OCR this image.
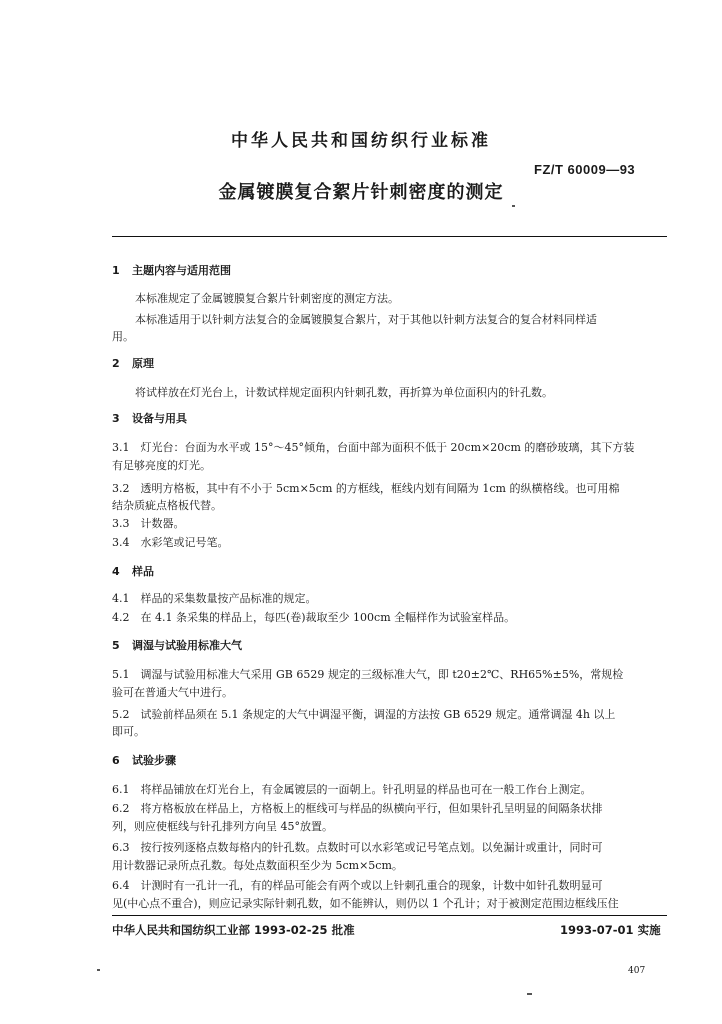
中华人民共和国纺织行业标准
FZ/T 60009—93
金属镀膜复合絮片针刺密度的测定
1 主题内容与适用范围
本标准规定了金属镀膜复合絮片针刺密度的测定方法。
本标准适用于以针刺方法复合的金属镀膜复合絮片，对于其他以针刺方法复合的复合材料同样适
用。
2 原理
将试样放在灯光台上，计数试样规定面积内针刺孔数，再折算为单位面积内的针孔数。
3 设备与用具
3.1　灯光台：台面为水平或 15°～45°倾角，台面中部为面积不低于 20cm×20cm 的磨砂玻璃，其下方装
有足够亮度的灯光。
3.2　透明方格板，其中有不小于 5cm×5cm 的方框线，框线内划有间隔为 1cm 的纵横格线。也可用棉
结杂质疵点格板代替。
3.3　计数器。
3.4　水彩笔或记号笔。
4 样品
4.1　样品的采集数量按产品标准的规定。
4.2　在 4.1 条采集的样品上，每匹(卷)裁取至少 100cm 全幅样作为试验室样品。
5 调湿与试验用标准大气
5.1　调湿与试验用标准大气采用 GB 6529 规定的三级标准大气，即 t20±2℃、RH65%±5%，常规检
验可在普通大气中进行。
5.2　试验前样品须在 5.1 条规定的大气中调湿平衡，调湿的方法按 GB 6529 规定。通常调湿 4h 以上
即可。
6 试验步骤
6.1　将样品铺放在灯光台上，有金属镀层的一面朝上。针孔明显的样品也可在一般工作台上测定。
6.2　将方格板放在样品上，方格板上的框线可与样品的纵横向平行，但如果针孔呈明显的间隔条状排
列，则应使框线与针孔排列方向呈 45°放置。
6.3　按行按列逐格点数每格内的针孔数。点数时可以水彩笔或记号笔点划。以免漏计或重计，同时可
用计数器记录所点孔数。每处点数面积至少为 5cm×5cm。
6.4　计测时有一孔计一孔，有的样品可能会有两个或以上针刺孔重合的现象，计数中如针孔数明显可
见(中心点不重合)，则应记录实际针刺孔数，如不能辨认，则仍以 1 个孔计；对于被测定范围边框线压住
中华人民共和国纺织工业部 1993-02-25 批准	1993-07-01 实施
407
